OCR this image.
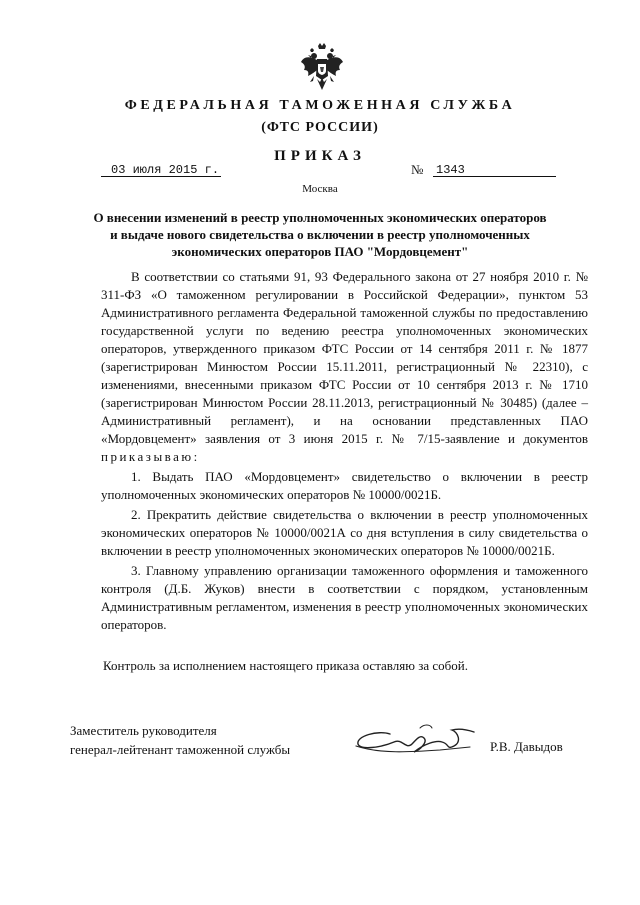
ФЕДЕРАЛЬНАЯ ТАМОЖЕННАЯ СЛУЖБА
(ФТС РОССИИ)
ПРИКАЗ
03 июля 2015 г.	№ 1343
Москва
О внесении изменений в реестр уполномоченных экономических операторов
и выдаче нового свидетельства о включении в реестр уполномоченных
экономических операторов ПАО "Мордовцемент"

В соответствии со статьями 91, 93 Федерального закона от 27 ноября 2010 г. № 311-ФЗ «О таможенном регулировании в Российской Федерации», пунктом 53 Административного регламента Федеральной таможенной службы по предоставлению государственной услуги по ведению реестра уполномоченных экономических операторов, утвержденного приказом ФТС России от 14 сентября 2011 г. № 1877 (зарегистрирован Минюстом России 15.11.2011, регистрационный № 22310), с изменениями, внесенными приказом ФТС России от 10 сентября 2013 г. № 1710 (зарегистрирован Минюстом России 28.11.2013, регистрационный № 30485) (далее – Административный регламент), и на основании представленных ПАО «Мордовцемент» заявления от 3 июня 2015 г. № 7/15-заявление и документов приказываю:

1. Выдать ПАО «Мордовцемент» свидетельство о включении в реестр уполномоченных экономических операторов № 10000/0021Б.

2. Прекратить действие свидетельства о включении в реестр уполномоченных экономических операторов № 10000/0021А со дня вступления в силу свидетельства о включении в реестр уполномоченных экономических операторов № 10000/0021Б.

3. Главному управлению организации таможенного оформления и таможенного контроля (Д.Б. Жуков) внести в соответствии с порядком, установленным Административным регламентом, изменения в реестр уполномоченных экономических операторов.

Контроль за исполнением настоящего приказа оставляю за собой.

Заместитель руководителя
генерал-лейтенант таможенной службы	Р.В. Давыдов
